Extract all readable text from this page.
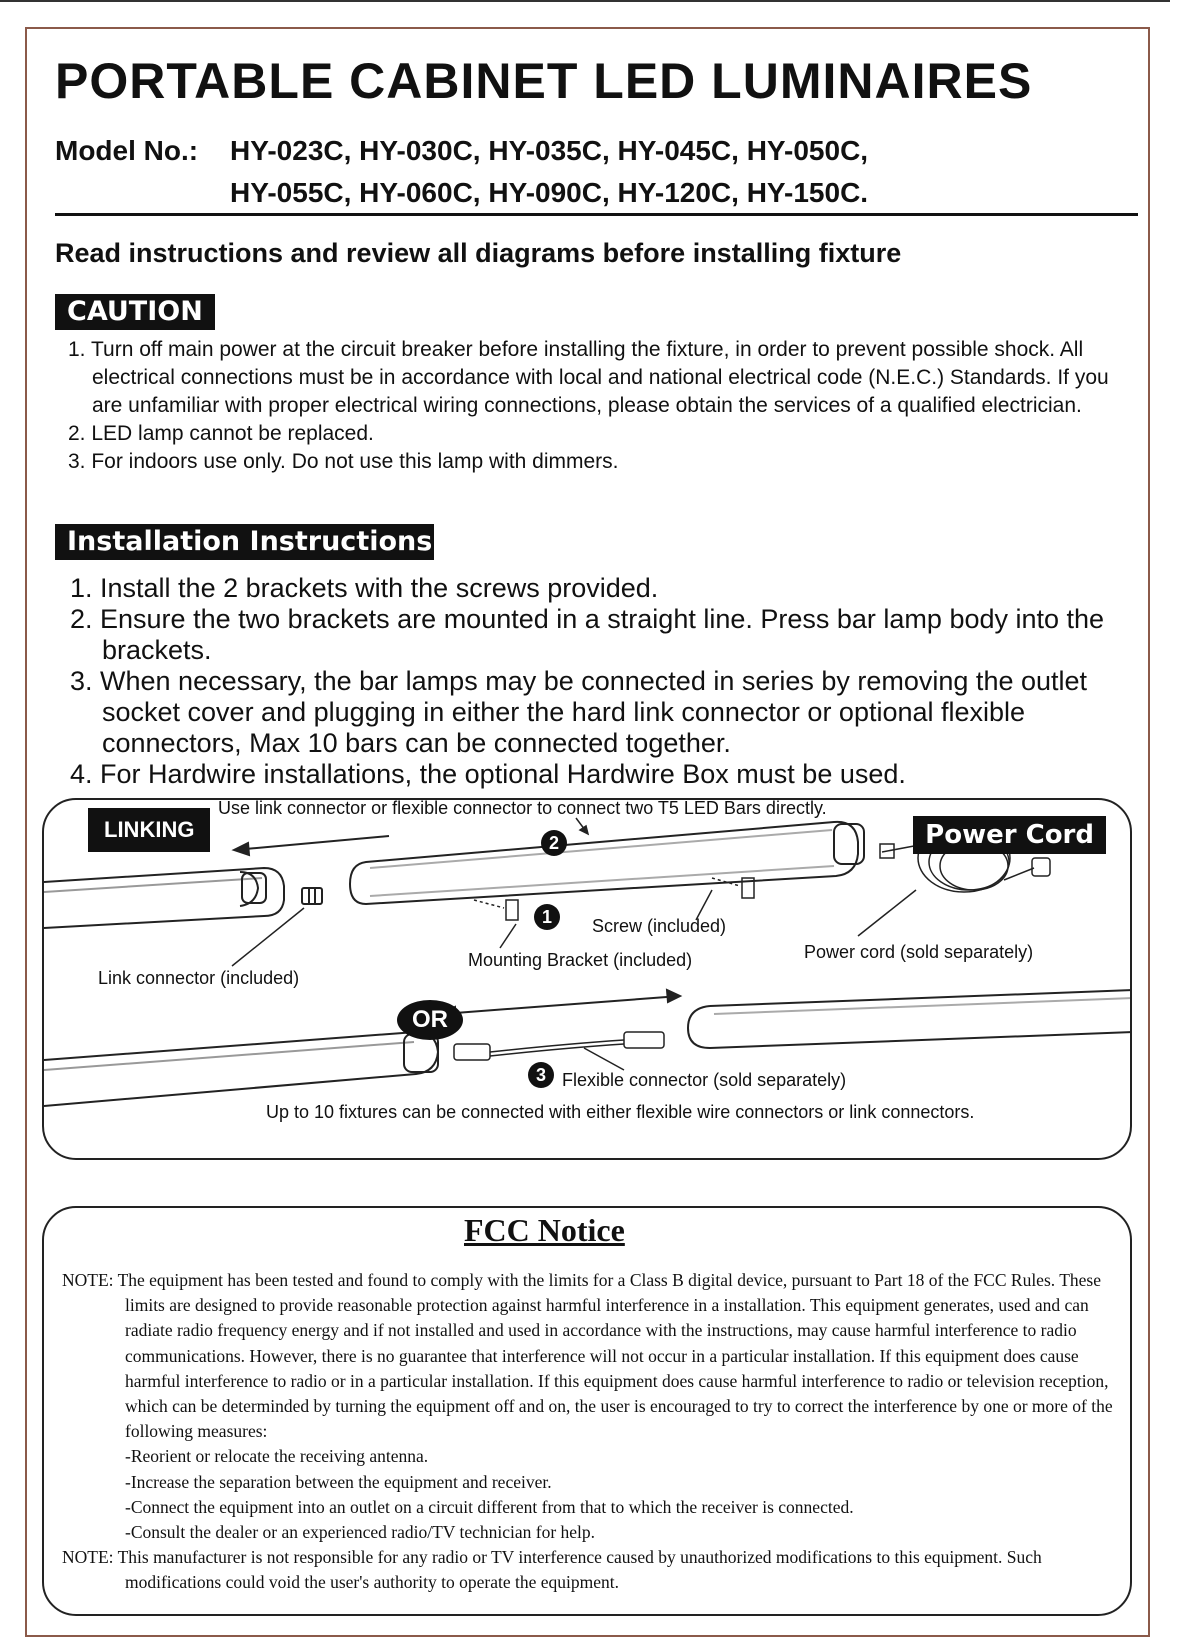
PORTABLE CABINET LED LUMINAIRES
Model No.: HY-023C, HY-030C, HY-035C, HY-045C, HY-050C,
HY-055C, HY-060C, HY-090C, HY-120C, HY-150C.
Read instructions and review all diagrams before installing fixture
CAUTION
1. Turn off main power at the circuit breaker before installing the fixture, in order to prevent possible shock. All electrical connections must be in accordance with local and national electrical code (N.E.C.) Standards. If you are unfamiliar with proper electrical wiring connections, please obtain the services of a qualified electrician.
2. LED lamp cannot be replaced.
3. For indoors use only. Do not use this lamp with dimmers.
Installation Instructions
1. Install the 2 brackets with the screws provided.
2. Ensure the two brackets are mounted in a straight line. Press bar lamp body into the brackets.
3. When necessary, the bar lamps may be connected in series by removing the outlet socket cover and plugging in either the hard link connector or optional flexible connectors, Max 10 bars can be connected together.
4. For Hardwire installations, the optional Hardwire Box must be used.
LINKING
Use link connector or flexible connector to connect two T5 LED Bars directly.
Power Cord
2
1	Screw (included)
Mounting Bracket (included)
Link connector (included)
Power cord (sold separately)
OR
3 Flexible connector (sold separately)
Up to 10 fixtures can be connected with either flexible wire connectors or link connectors.
FCC Notice
NOTE: The equipment has been tested and found to comply with the limits for a Class B digital device, pursuant to Part 18 of the FCC Rules. These limits are designed to provide reasonable protection against harmful interference in a installation. This equipment generates, used and can radiate radio frequency energy and if not installed and used in accordance with the instructions, may cause harmful interference to radio communications. However, there is no guarantee that interference will not occur in a particular installation. If this equipment does cause harmful interference to radio or in a particular installation. If this equipment does cause harmful interference to radio or television reception, which can be determinded by turning the equipment off and on, the user is encouraged to try to correct the interference by one or more of the following measures:
-Reorient or relocate the receiving antenna.
-Increase the separation between the equipment and receiver.
-Connect the equipment into an outlet on a circuit different from that to which the receiver is connected.
-Consult the dealer or an experienced radio/TV technician for help.
NOTE: This manufacturer is not responsible for any radio or TV interference caused by unauthorized modifications to this equipment. Such modifications could void the user's authority to operate the equipment.
